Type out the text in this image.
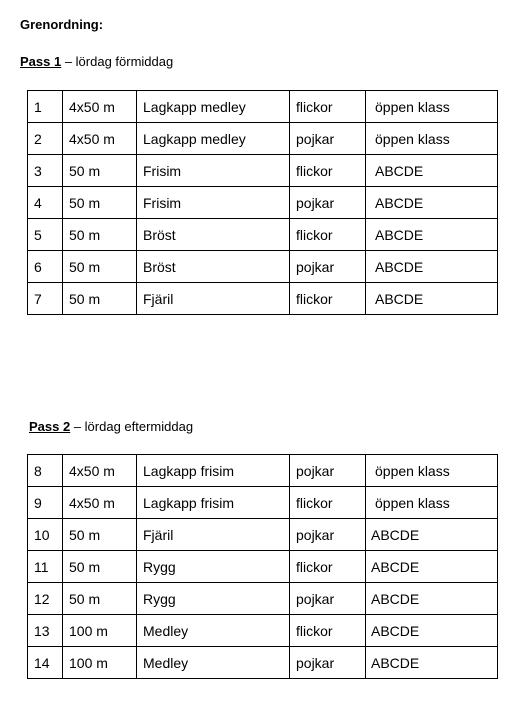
Grenordning:
Pass 1 – lördag förmiddag
1	4x50 m	Lagkapp medley	flickor	öppen klass
2	4x50 m	Lagkapp medley	pojkar	öppen klass
3	50 m	Frisim	flickor	ABCDE
4	50 m	Frisim	pojkar	ABCDE
5	50 m	Bröst	flickor	ABCDE
6	50 m	Bröst	pojkar	ABCDE
7	50 m	Fjäril	flickor	ABCDE
Pass 2 – lördag eftermiddag
8	4x50 m	Lagkapp frisim	pojkar	öppen klass
9	4x50 m	Lagkapp frisim	flickor	öppen klass
10	50 m	Fjäril	pojkar	ABCDE
11	50 m	Rygg	flickor	ABCDE
12	50 m	Rygg	pojkar	ABCDE
13	100 m	Medley	flickor	ABCDE
14	100 m	Medley	pojkar	ABCDE
